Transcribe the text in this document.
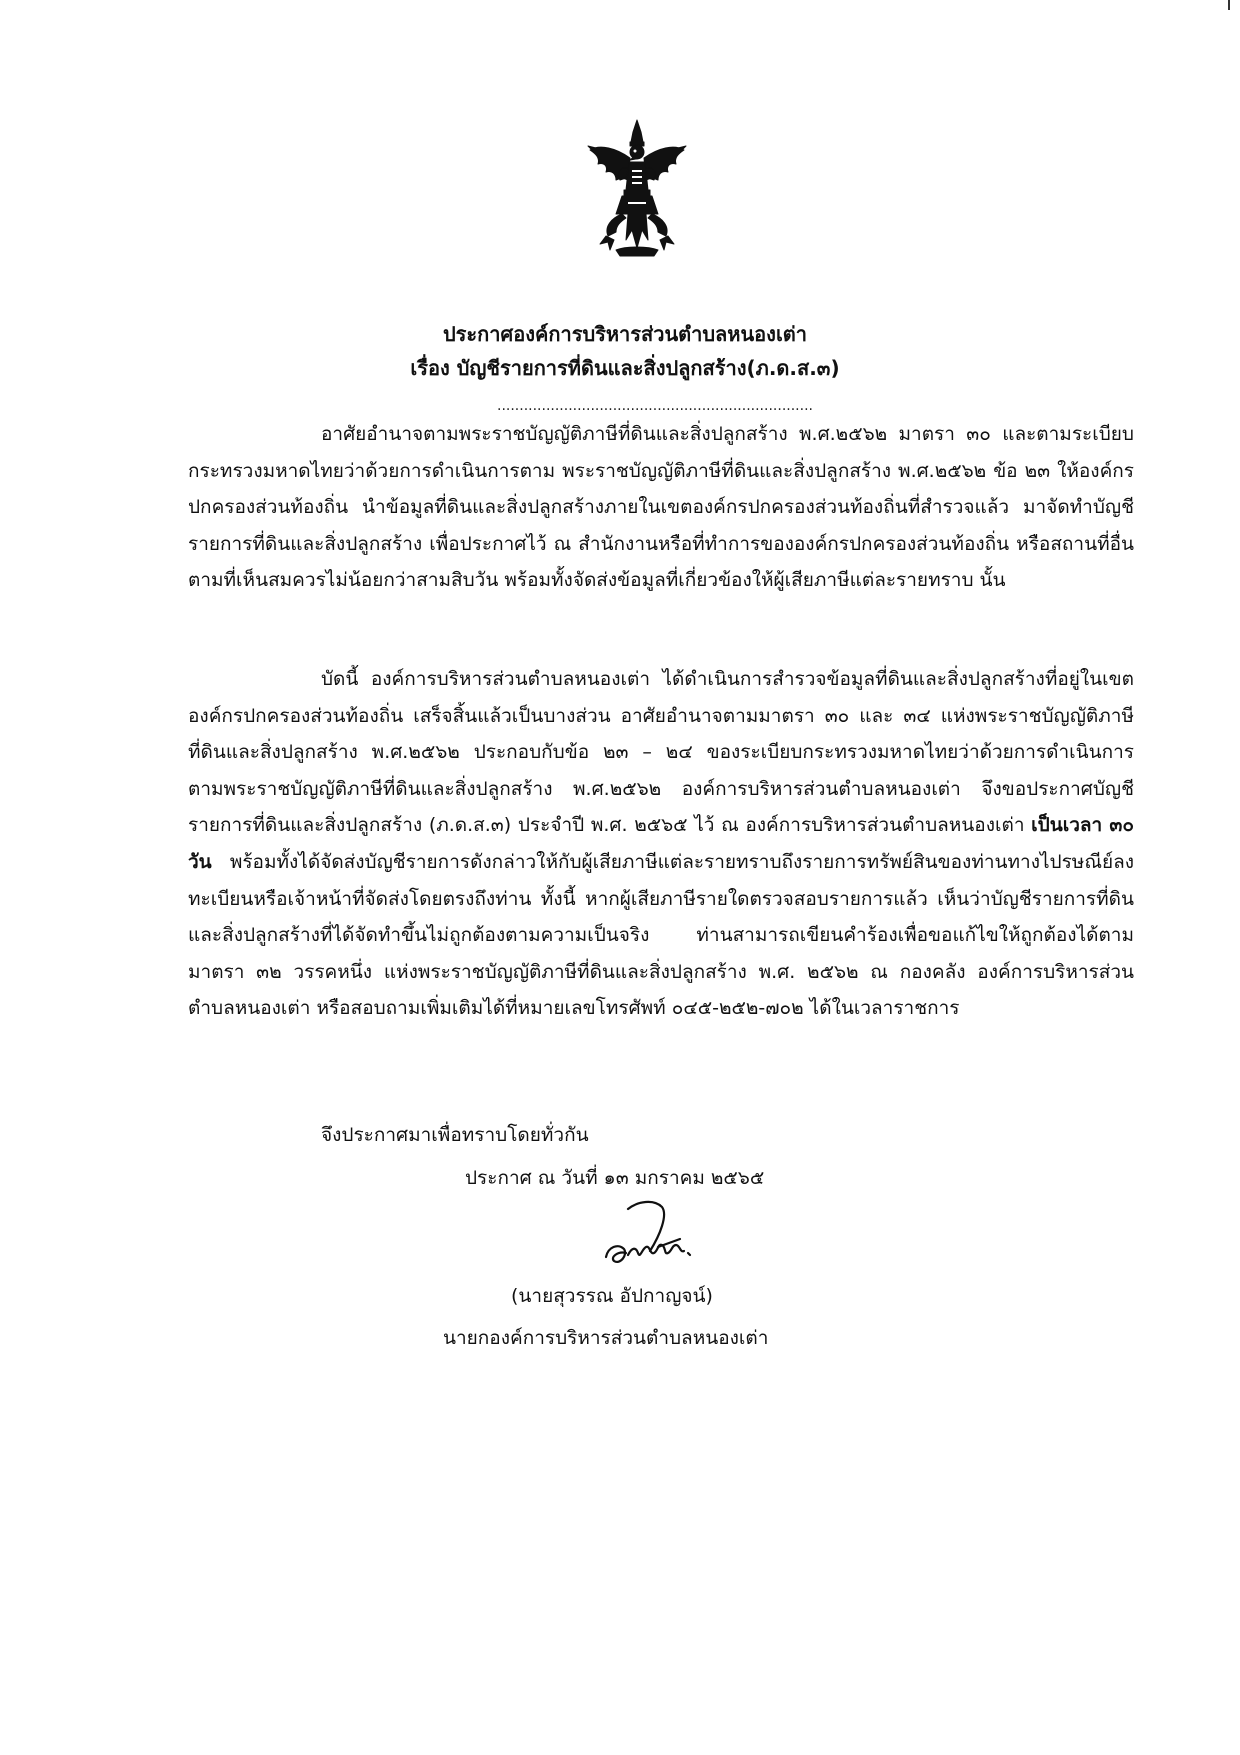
ประกาศองค์การบริหารส่วนตำบลหนองเต่า
เรื่อง บัญชีรายการที่ดินและสิ่งปลูกสร้าง(ภ.ด.ส.๓)
.......................................................................
อาศัยอำนาจตามพระราชบัญญัติภาษีที่ดินและสิ่งปลูกสร้าง พ.ศ.๒๕๖๒ มาตรา ๓๐ และตามระเบียบกระทรวงมหาดไทยว่าด้วยการดำเนินการตาม พระราชบัญญัติภาษีที่ดินและสิ่งปลูกสร้าง พ.ศ.๒๕๖๒ ข้อ ๒๓ ให้องค์กรปกครองส่วนท้องถิ่น นำข้อมูลที่ดินและสิ่งปลูกสร้างภายในเขตองค์กรปกครองส่วนท้องถิ่นที่สำรวจแล้ว มาจัดทำบัญชีรายการที่ดินและสิ่งปลูกสร้าง เพื่อประกาศไว้ ณ สำนักงานหรือที่ทำการขององค์กรปกครองส่วนท้องถิ่น หรือสถานที่อื่นตามที่เห็นสมควรไม่น้อยกว่าสามสิบวัน พร้อมทั้งจัดส่งข้อมูลที่เกี่ยวข้องให้ผู้เสียภาษีแต่ละรายทราบ นั้น
บัดนี้ องค์การบริหารส่วนตำบลหนองเต่า ได้ดำเนินการสำรวจข้อมูลที่ดินและสิ่งปลูกสร้างที่อยู่ในเขตองค์กรปกครองส่วนท้องถิ่น เสร็จสิ้นแล้วเป็นบางส่วน อาศัยอำนาจตามมาตรา ๓๐ และ ๓๔ แห่งพระราชบัญญัติภาษีที่ดินและสิ่งปลูกสร้าง พ.ศ.๒๕๖๒ ประกอบกับข้อ ๒๓ – ๒๔ ของระเบียบกระทรวงมหาดไทยว่าด้วยการดำเนินการตามพระราชบัญญัติภาษีที่ดินและสิ่งปลูกสร้าง พ.ศ.๒๕๖๒ องค์การบริหารส่วนตำบลหนองเต่า จึงขอประกาศบัญชีรายการที่ดินและสิ่งปลูกสร้าง (ภ.ด.ส.๓) ประจำปี พ.ศ. ๒๕๖๕ ไว้ ณ องค์การบริหารส่วนตำบลหนองเต่า เป็นเวลา ๓๐ วัน พร้อมทั้งได้จัดส่งบัญชีรายการดังกล่าวให้กับผู้เสียภาษีแต่ละรายทราบถึงรายการทรัพย์สินของท่านทางไปรษณีย์ลงทะเบียนหรือเจ้าหน้าที่จัดส่งโดยตรงถึงท่าน ทั้งนี้ หากผู้เสียภาษีรายใดตรวจสอบรายการแล้ว เห็นว่าบัญชีรายการที่ดินและสิ่งปลูกสร้างที่ได้จัดทำขึ้นไม่ถูกต้องตามความเป็นจริง ท่านสามารถเขียนคำร้องเพื่อขอแก้ไขให้ถูกต้องได้ตามมาตรา ๓๒ วรรคหนึ่ง แห่งพระราชบัญญัติภาษีที่ดินและสิ่งปลูกสร้าง พ.ศ. ๒๕๖๒ ณ กองคลัง องค์การบริหารส่วนตำบลหนองเต่า หรือสอบถามเพิ่มเติมได้ที่หมายเลขโทรศัพท์ ๐๔๕-๒๕๒-๗๐๒ ได้ในเวลาราชการ
จึงประกาศมาเพื่อทราบโดยทั่วกัน
ประกาศ ณ วันที่ ๑๓ มกราคม ๒๕๖๕
(นายสุวรรณ อัปกาญจน์)
นายกองค์การบริหารส่วนตำบลหนองเต่า
